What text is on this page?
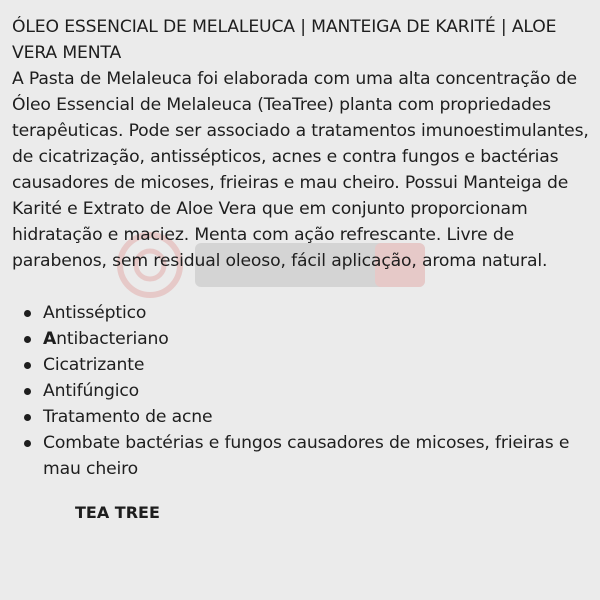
ÓLEO ESSENCIAL DE MELALEUCA | MANTEIGA DE KARITÉ | ALOE VERA MENTA

A Pasta de Melaleuca foi elaborada com uma alta concentração de Óleo Essencial de Melaleuca (TeaTree) planta com propriedades terapêuticas. Pode ser associado a tratamentos imunoestimulantes, de cicatrização, antissépticos, acnes e contra fungos e bactérias causadores de micoses, frieiras e mau cheiro. Possui Manteiga de Karité e Extrato de Aloe Vera que em conjunto proporcionam hidratação e maciez. Menta com ação refrescante. Livre de parabenos, sem residual oleoso, fácil aplicação, aroma natural.

Antisséptico
Antibacteriano
Cicatrizante
Antifúngico
Tratamento de acne
Combate bactérias e fungos causadores de micoses, frieiras e mau cheiro
TEA TREE
